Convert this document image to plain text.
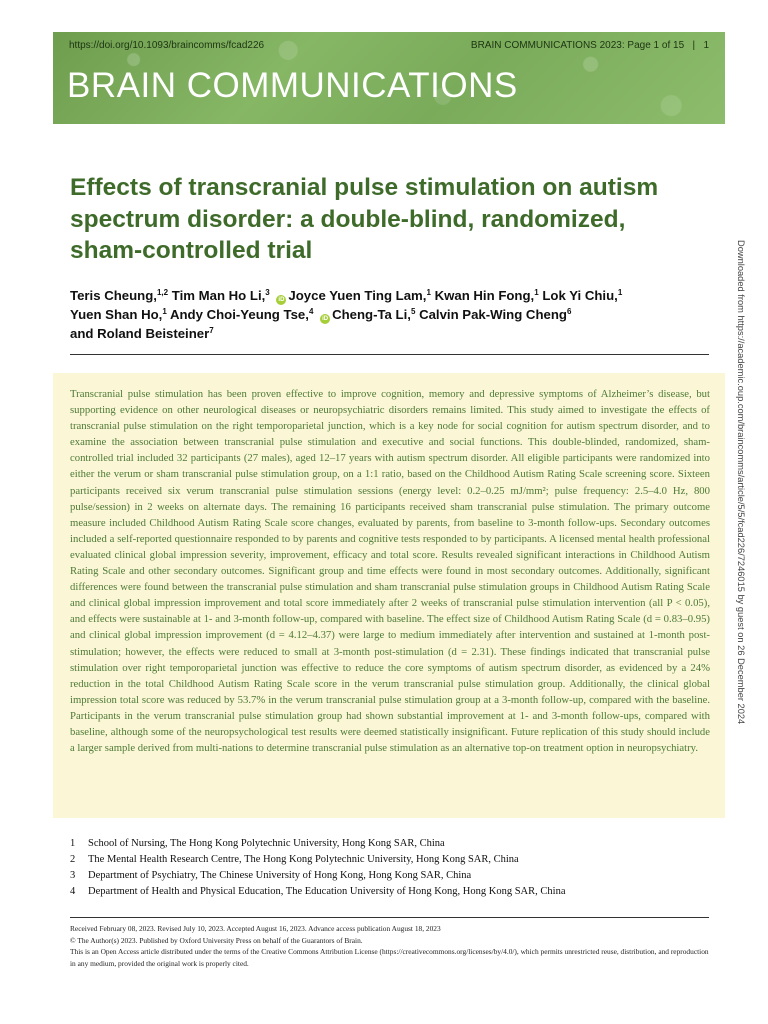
https://doi.org/10.1093/braincomms/fcad226	BRAIN COMMUNICATIONS 2023: Page 1 of 15 | 1
BRAIN COMMUNICATIONS
Effects of transcranial pulse stimulation on autism spectrum disorder: a double-blind, randomized, sham-controlled trial
Teris Cheung,$^{1,2}$ Tim Man Ho Li,$^3$ iD Joyce Yuen Ting Lam,$^1$ Kwan Hin Fong,$^1$ Lok Yi Chiu,$^1$
Yuen Shan Ho,$^1$ Andy Choi-Yeung Tse,$^4$ iD Cheng-Ta Li,$^5$ Calvin Pak-Wing Cheng$^6$
and Roland Beisteiner$^7$

Transcranial pulse stimulation has been proven effective to improve cognition, memory and depressive symptoms of Alzheimer’s disease, but supporting evidence on other neurological diseases or neuropsychiatric disorders remains limited. This study aimed to investigate the effects of transcranial pulse stimulation on the right temporoparietal junction, which is a key node for social cognition for autism spectrum disorder, and to examine the association between transcranial pulse stimulation and executive and social functions. This double-blinded, randomized, sham-controlled trial included 32 participants (27 males), aged 12–17 years with autism spectrum disorder. All eligible participants were randomized into either the verum or sham transcranial pulse stimulation group, on a 1:1 ratio, based on the Childhood Autism Rating Scale screening score. Sixteen participants received six verum transcranial pulse stimulation sessions (energy level: 0.2–0.25 mJ/mm²; pulse frequency: 2.5–4.0 Hz, 800 pulse/session) in 2 weeks on alternate days. The remaining 16 participants received sham transcranial pulse stimulation. The primary outcome measure included Childhood Autism Rating Scale score changes, evaluated by parents, from baseline to 3-month follow-ups. Secondary outcomes included a self-reported questionnaire responded to by parents and cognitive tests responded to by participants. A licensed mental health professional evaluated clinical global impression severity, improvement, efficacy and total score. Results revealed significant interactions in Childhood Autism Rating Scale and other secondary outcomes. Significant group and time effects were found in most secondary outcomes. Additionally, significant differences were found between the transcranial pulse stimulation and sham transcranial pulse stimulation groups in Childhood Autism Rating Scale and clinical global impression improvement and total score immediately after 2 weeks of transcranial pulse stimulation intervention (all P < 0.05), and effects were sustainable at 1- and 3-month follow-up, compared with baseline. The effect size of Childhood Autism Rating Scale (d = 0.83–0.95) and clinical global impression improvement (d = 4.12–4.37) were large to medium immediately after intervention and sustained at 1-month post-stimulation; however, the effects were reduced to small at 3-month post-stimulation (d = 2.31). These findings indicated that transcranial pulse stimulation over right temporoparietal junction was effective to reduce the core symptoms of autism spectrum disorder, as evidenced by a 24% reduction in the total Childhood Autism Rating Scale score in the verum transcranial pulse stimulation group. Additionally, the clinical global impression total score was reduced by 53.7% in the verum transcranial pulse stimulation group at a 3-month follow-up, compared with the baseline. Participants in the verum transcranial pulse stimulation group had shown substantial improvement at 1- and 3-month follow-ups, compared with baseline, although some of the neuropsychological test results were deemed statistically insignificant. Future replication of this study should include a larger sample derived from multi-nations to determine transcranial pulse stimulation as an alternative top-on treatment option in neuropsychiatry.

1	School of Nursing, The Hong Kong Polytechnic University, Hong Kong SAR, China
2	The Mental Health Research Centre, The Hong Kong Polytechnic University, Hong Kong SAR, China
3	Department of Psychiatry, The Chinese University of Hong Kong, Hong Kong SAR, China
4	Department of Health and Physical Education, The Education University of Hong Kong, Hong Kong SAR, China
Received February 08, 2023. Revised July 10, 2023. Accepted August 16, 2023. Advance access publication August 18, 2023
© The Author(s) 2023. Published by Oxford University Press on behalf of the Guarantors of Brain.
This is an Open Access article distributed under the terms of the Creative Commons Attribution License (https://creativecommons.org/licenses/by/4.0/), which permits unrestricted reuse, distribution, and reproduction in any medium, provided the original work is properly cited.
Downloaded from https://academic.oup.com/braincomms/article/5/5/fcad226/7246015 by guest on 26 December 2024
